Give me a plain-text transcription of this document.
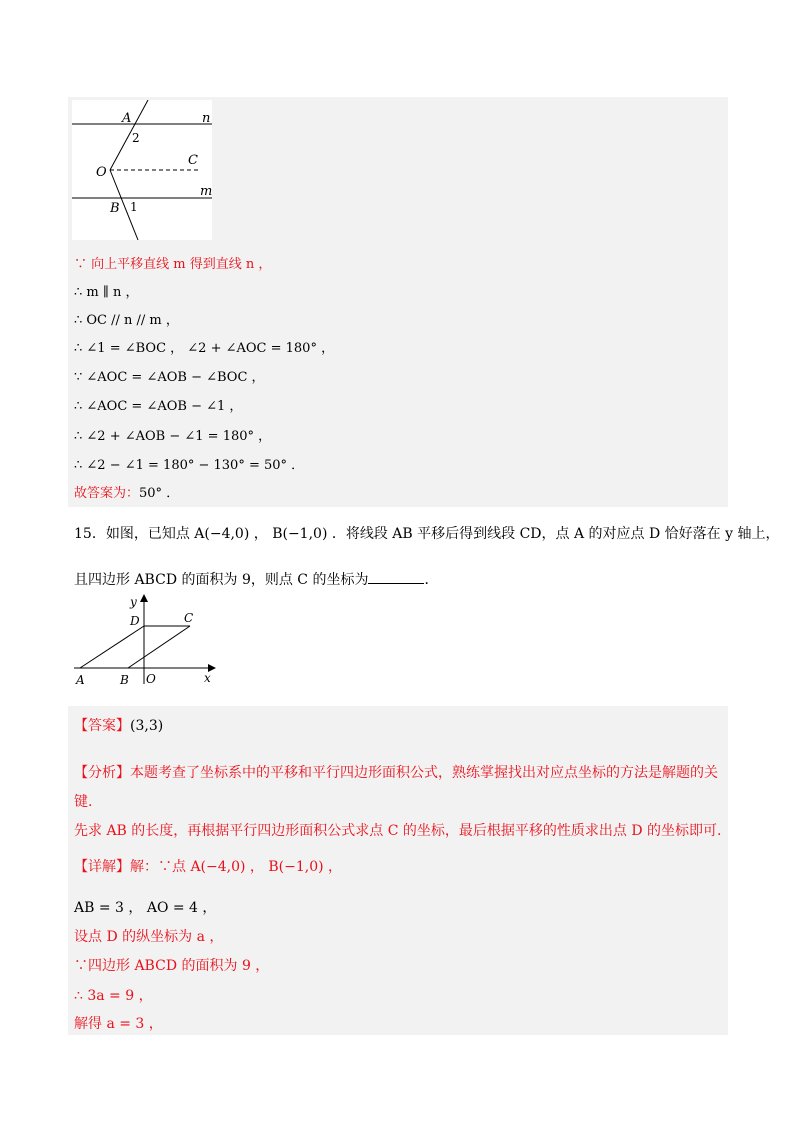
A	n
2
C
O
m
B 1
∵ 向上平移直线 m 得到直线 n ，
∴ m ∥ n ，
∴ OC // n // m ，
∴ ∠1 = ∠BOC ， ∠2 + ∠AOC = 180° ，
∵ ∠AOC = ∠AOB − ∠BOC ，
∴ ∠AOC = ∠AOB − ∠1 ，
∴ ∠2 + ∠AOB − ∠1 = 180° ，
∴ ∠2 − ∠1 = 180° − 130° = 50° ．
故答案为：50° ．
15．如图，已知点 A(−4,0) ， B(−1,0) ．将线段 AB 平移后得到线段 CD，点 A 的对应点 D 恰好落在 y 轴上，
且四边形 ABCD 的面积为 9，则点 C 的坐标为	．
y
D	C
A	B O	x
【答案】(3,3)
【分析】本题考查了坐标系中的平移和平行四边形面积公式，熟练掌握找出对应点坐标的方法是解题的关
键.
先求 AB 的长度，再根据平行四边形面积公式求点 C 的坐标，最后根据平移的性质求出点 D 的坐标即可.
【详解】解：∵点 A(−4,0) ， B(−1,0) ，
AB = 3 ， AO = 4 ，
设点 D 的纵坐标为 a ，
∵四边形 ABCD 的面积为 9 ，
∴ 3a = 9 ，
解得 a = 3 ，
